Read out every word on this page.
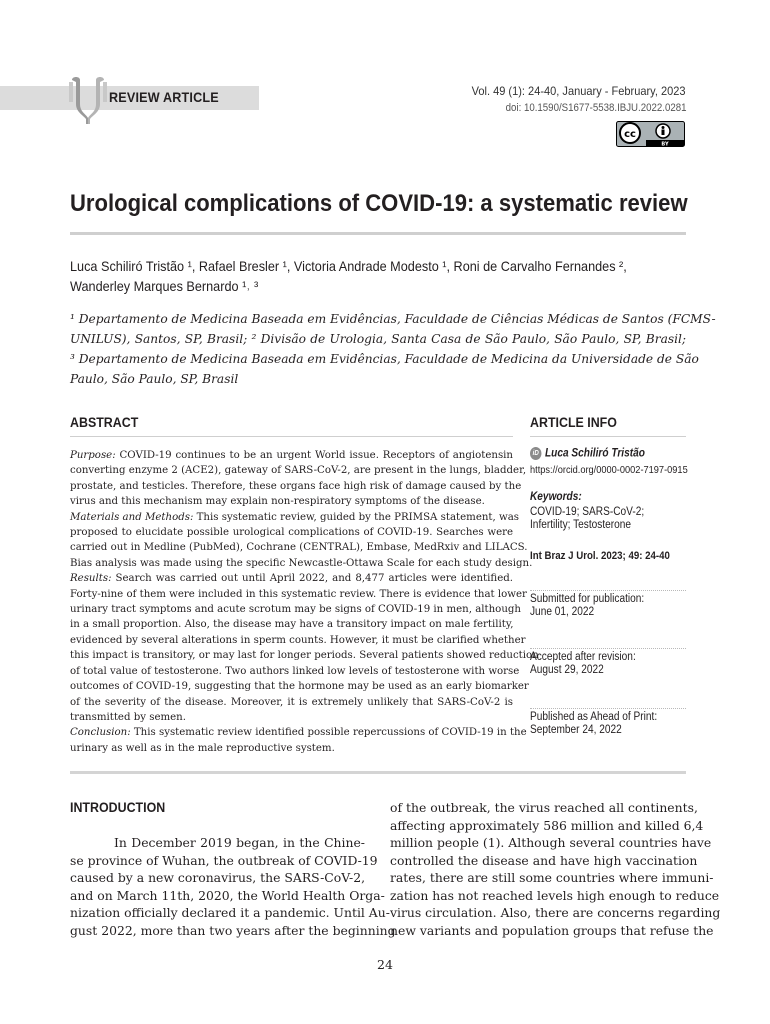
REVIEW ARTICLE	Vol. 49 (1): 24-40, January - February, 2023
doi: 10.1590/S1677-5538.IBJU.2022.0281
cc
BY
Urological complications of COVID-19: a systematic review
Luca Schiliró Tristão ¹, Rafael Bresler ¹, Victoria Andrade Modesto ¹, Roni de Carvalho Fernandes ²,
Wanderley Marques Bernardo ¹˒ ³
¹ Departamento de Medicina Baseada em Evidências, Faculdade de Ciências Médicas de Santos (FCMS-
UNILUS), Santos, SP, Brasil; ² Divisão de Urologia, Santa Casa de São Paulo, São Paulo, SP, Brasil;
³ Departamento de Medicina Baseada em Evidências, Faculdade de Medicina da Universidade de São
Paulo, São Paulo, SP, Brasil
ABSTRACT
Purpose: COVID-19 continues to be an urgent World issue. Receptors of angiotensin
converting enzyme 2 (ACE2), gateway of SARS-CoV-2, are present in the lungs, bladder,
prostate, and testicles. Therefore, these organs face high risk of damage caused by the
virus and this mechanism may explain non-respiratory symptoms of the disease.
Materials and Methods: This systematic review, guided by the PRIMSA statement, was
proposed to elucidate possible urological complications of COVID-19. Searches were
carried out in Medline (PubMed), Cochrane (CENTRAL), Embase, MedRxiv and LILACS.
Bias analysis was made using the specific Newcastle-Ottawa Scale for each study design.
Results: Search was carried out until April 2022, and 8,477 articles were identified.
Forty-nine of them were included in this systematic review. There is evidence that lower
urinary tract symptoms and acute scrotum may be signs of COVID-19 in men, although
in a small proportion. Also, the disease may have a transitory impact on male fertility,
evidenced by several alterations in sperm counts. However, it must be clarified whether
this impact is transitory, or may last for longer periods. Several patients showed reduction
of total value of testosterone. Two authors linked low levels of testosterone with worse
outcomes of COVID-19, suggesting that the hormone may be used as an early biomarker
of the severity of the disease. Moreover, it is extremely unlikely that SARS-CoV-2 is
transmitted by semen.
Conclusion: This systematic review identified possible repercussions of COVID-19 in the
urinary as well as in the male reproductive system.
ARTICLE INFO
iD Luca Schiliró Tristão
https://orcid.org/0000-0002-7197-0915
Keywords:
COVID-19; SARS-CoV-2;
Infertility; Testosterone
Int Braz J Urol. 2023; 49: 24-40
Submitted for publication:
June 01, 2022
Accepted after revision:
August 29, 2022
Published as Ahead of Print:
September 24, 2022
INTRODUCTION
In December 2019 began, in the Chine-
se province of Wuhan, the outbreak of COVID-19
caused by a new coronavirus, the SARS-CoV-2,
and on March 11th, 2020, the World Health Orga-
nization officially declared it a pandemic. Until Au-
gust 2022, more than two years after the beginning
of the outbreak, the virus reached all continents,
affecting approximately 586 million and killed 6,4
million people (1). Although several countries have
controlled the disease and have high vaccination
rates, there are still some countries where immuni-
zation has not reached levels high enough to reduce
virus circulation. Also, there are concerns regarding
new variants and population groups that refuse the
24
